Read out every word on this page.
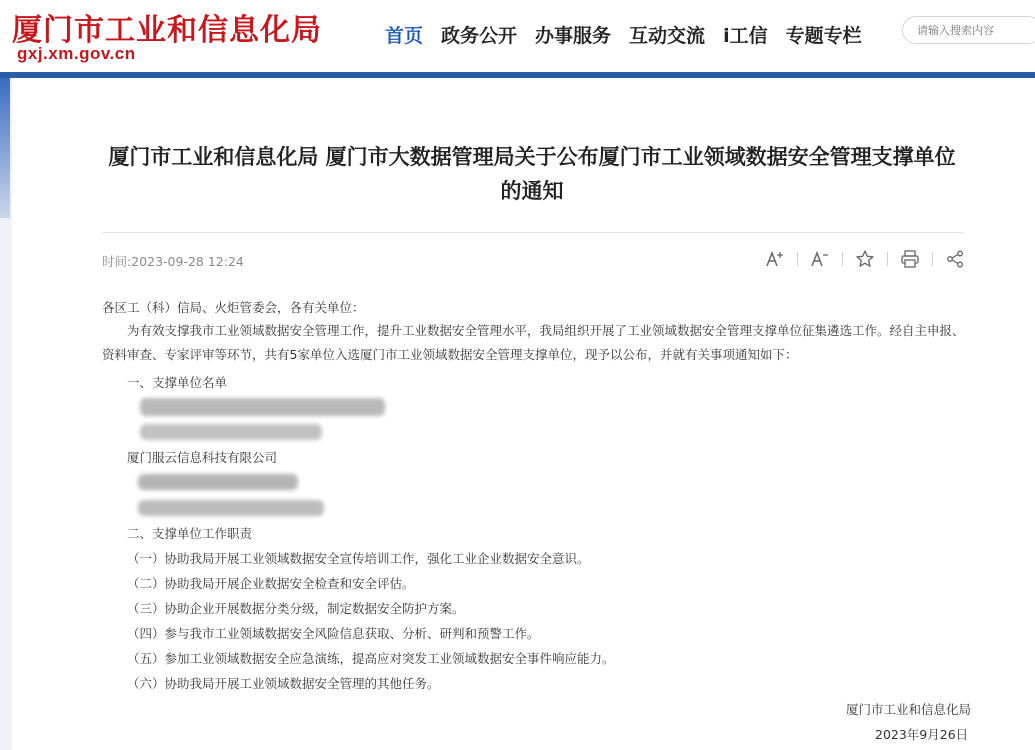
厦门市工业和信息化局
gxj.xm.gov.cn
首页 政务公开 办事服务 互动交流 i工信 专题专栏
请输入搜索内容
厦门市工业和信息化局 厦门市大数据管理局关于公布厦门市工业领域数据安全管理支撑单位的通知
时间:2023-09-28 12:24
各区工（科）信局、火炬管委会，各有关单位：
为有效支撑我市工业领域数据安全管理工作，提升工业数据安全管理水平，我局组织开展了工业领域数据安全管理支撑单位征集遴选工作。经自主申报、资料审查、专家评审等环节，共有5家单位入选厦门市工业领域数据安全管理支撑单位，现予以公布，并就有关事项通知如下：
一、支撑单位名单
厦门服云信息科技有限公司
二、支撑单位工作职责
（一）协助我局开展工业领域数据安全宣传培训工作，强化工业企业数据安全意识。
（二）协助我局开展企业数据安全检查和安全评估。
（三）协助企业开展数据分类分级，制定数据安全防护方案。
（四）参与我市工业领域数据安全风险信息获取、分析、研判和预警工作。
（五）参加工业领域数据安全应急演练，提高应对突发工业领域数据安全事件响应能力。
（六）协助我局开展工业领域数据安全管理的其他任务。
厦门市工业和信息化局
2023年9月26日
